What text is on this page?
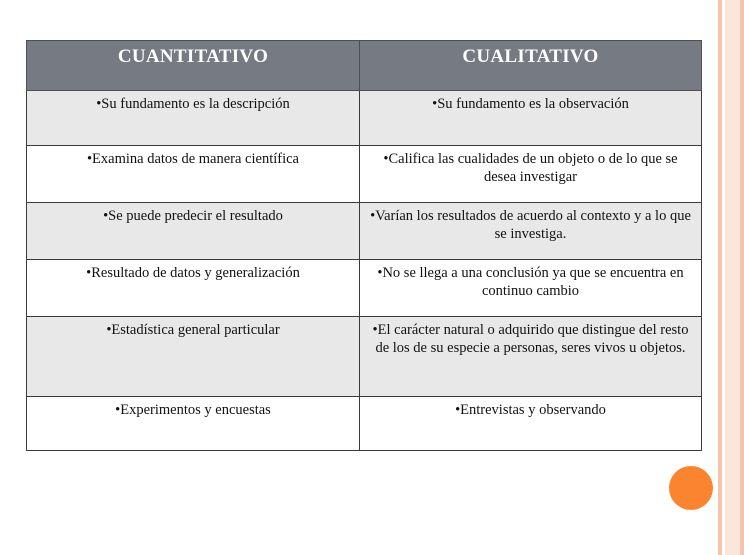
CUANTITATIVO	CUALITATIVO
•Su fundamento es la descripción	•Su fundamento es la observación
•Examina datos de manera científica	•Califica las cualidades de un objeto o de lo que se desea investigar
•Se puede predecir el resultado	•Varían los resultados de acuerdo al contexto y a lo que se investiga.
•Resultado de datos y generalización	•No se llega a una conclusión ya que se encuentra en continuo cambio
•Estadística general particular	•El carácter natural o adquirido que distingue del resto de los de su especie a personas, seres vivos u objetos.
•Experimentos y encuestas	•Entrevistas y observando
